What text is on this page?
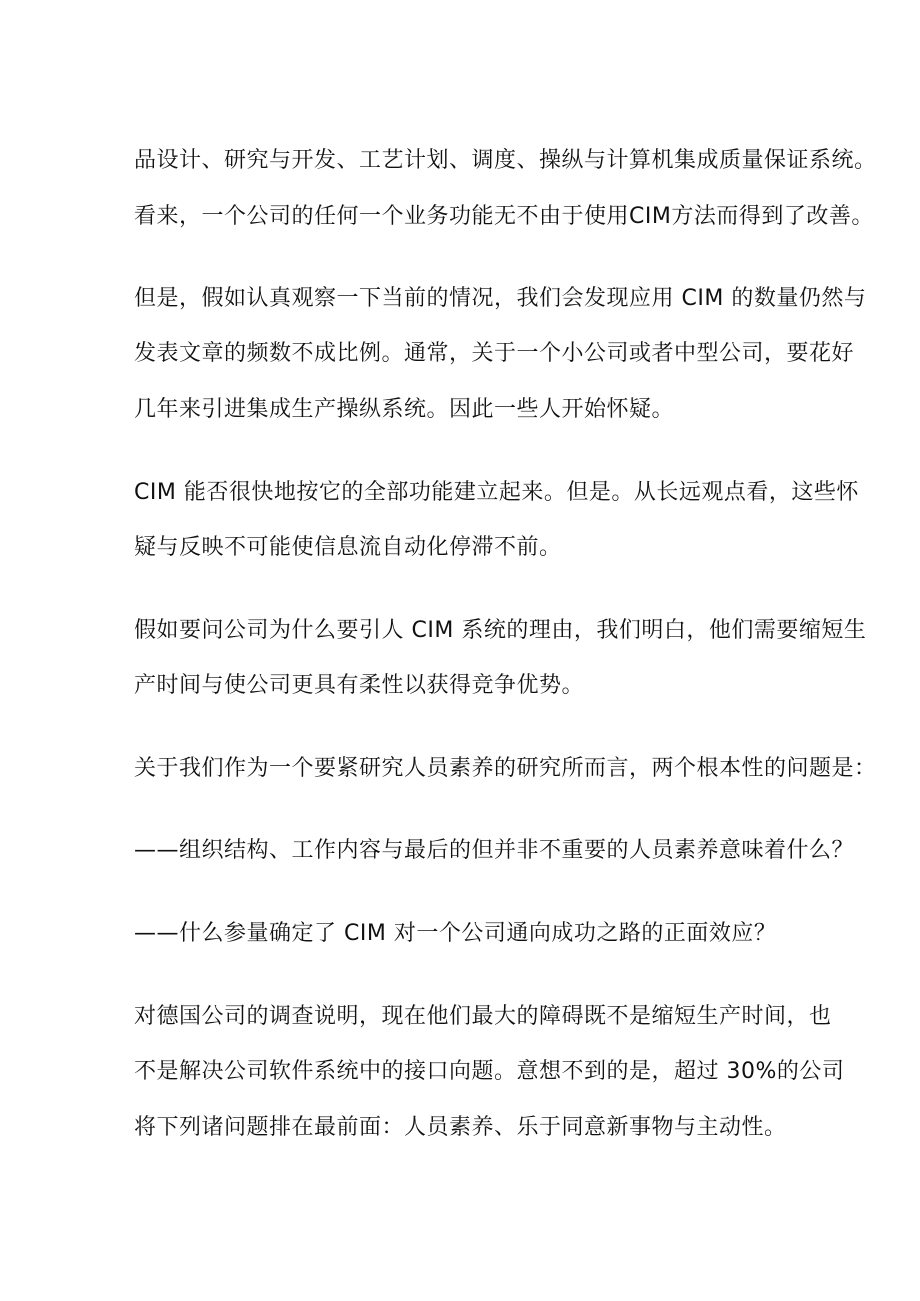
品设计、研究与开发、工艺计划、调度、操纵与计算机集成质量保证系统。
看来，一个公司的任何一个业务功能无不由于使用CIM方法而得到了改善。
但是，假如认真观察一下当前的情况，我们会发现应用 CIM 的数量仍然与
发表文章的频数不成比例。通常，关于一个小公司或者中型公司，要花好
几年来引进集成生产操纵系统。因此一些人开始怀疑。
CIM 能否很快地按它的全部功能建立起来。但是。从长远观点看，这些怀
疑与反映不可能使信息流自动化停滞不前。
假如要问公司为什么要引人 CIM 系统的理由，我们明白，他们需要缩短生
产时间与使公司更具有柔性以获得竞争优势。
关于我们作为一个要紧研究人员素养的研究所而言，两个根本性的问题是：
——组织结构、工作内容与最后的但并非不重要的人员素养意味着什么？
——什么参量确定了 CIM 对一个公司通向成功之路的正面效应？
对德国公司的调查说明，现在他们最大的障碍既不是缩短生产时间，也
不是解决公司软件系统中的接口向题。意想不到的是，超过 30%的公司
将下列诸问题排在最前面：人员素养、乐于同意新事物与主动性。
